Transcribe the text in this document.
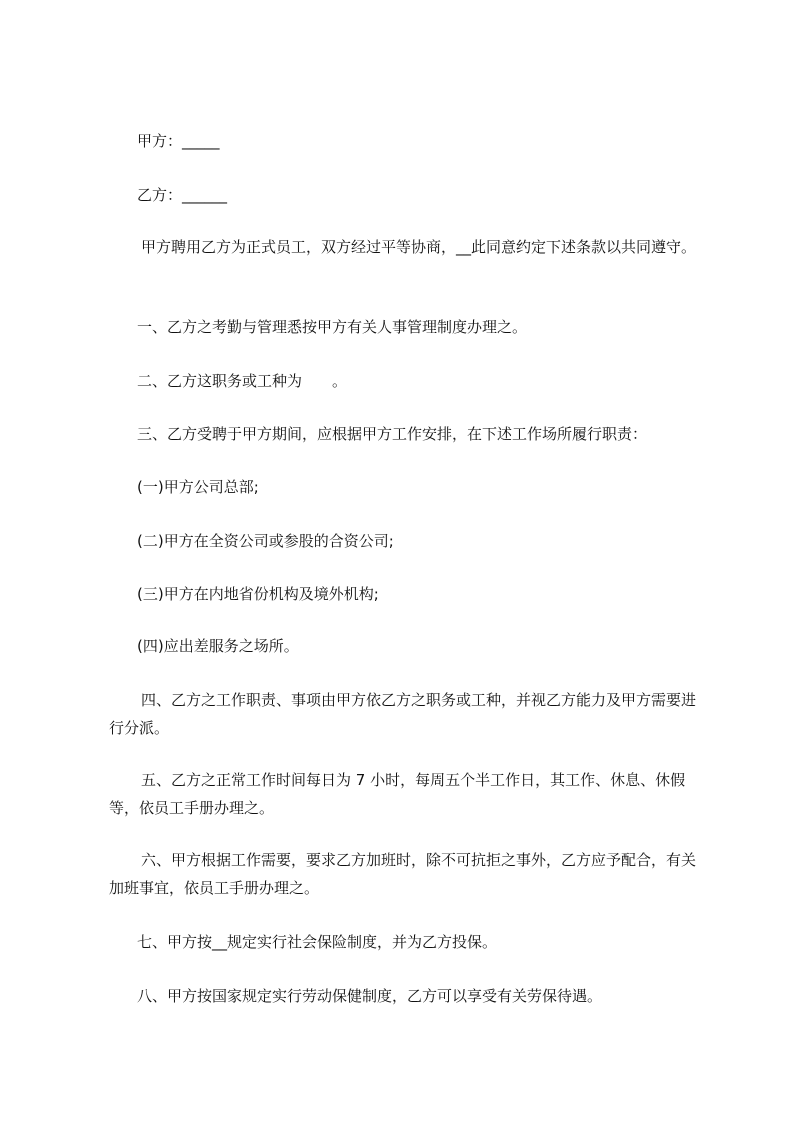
甲方：_____

乙方：______

甲方聘用乙方为正式员工，双方经过平等协商，__此同意约定下述条款以共同遵守。

一、乙方之考勤与管理悉按甲方有关人事管理制度办理之。

二、乙方这职务或工种为　　。

三、乙方受聘于甲方期间，应根据甲方工作安排，在下述工作场所履行职责：

(一)甲方公司总部;

(二)甲方在全资公司或参股的合资公司;

(三)甲方在内地省份机构及境外机构;

(四)应出差服务之场所。

四、乙方之工作职责、事项由甲方依乙方之职务或工种，并视乙方能力及甲方需要进行分派。

五、乙方之正常工作时间每日为 7 小时，每周五个半工作日，其工作、休息、休假等，依员工手册办理之。

六、甲方根据工作需要，要求乙方加班时，除不可抗拒之事外，乙方应予配合，有关加班事宜，依员工手册办理之。

七、甲方按__规定实行社会保险制度，并为乙方投保。

八、甲方按国家规定实行劳动保健制度，乙方可以享受有关劳保待遇。
